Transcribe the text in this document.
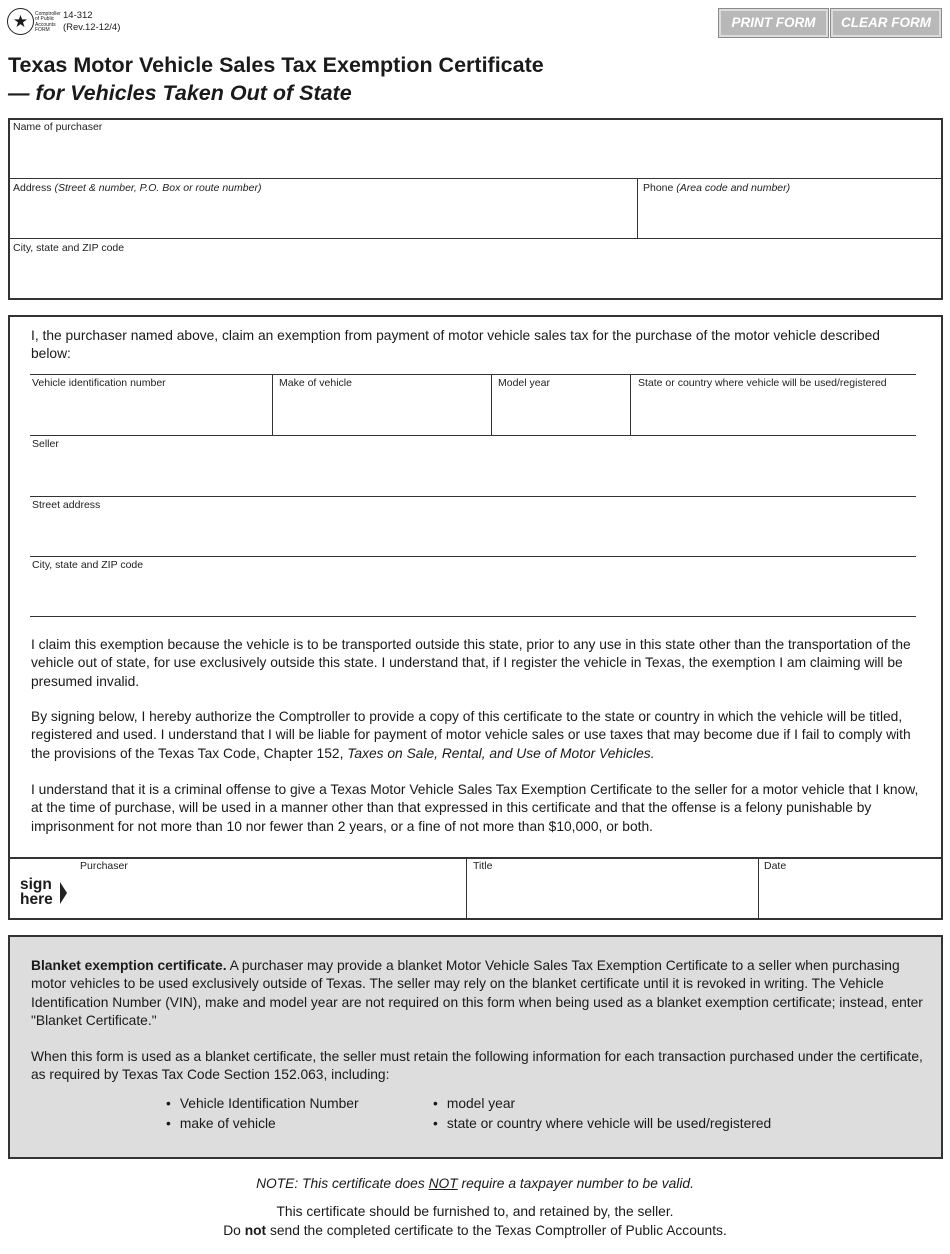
★	Comptroller
of Public
Accounts
FORM
14-312
(Rev.12-12/4)	PRINT FORM	CLEAR FORM
Texas Motor Vehicle Sales Tax Exemption Certificate
— for Vehicles Taken Out of State
Name of purchaser
Address (Street & number, P.O. Box or route number)	Phone (Area code and number)
City, state and ZIP code
I, the purchaser named above, claim an exemption from payment of motor vehicle sales tax for the purchase of the motor vehicle described below:
Vehicle identification number	Make of vehicle	Model year	State or country where vehicle will be used/registered
Seller
Street address
City, state and ZIP code
I claim this exemption because the vehicle is to be transported outside this state, prior to any use in this state other than the transportation of the vehicle out of state, for use exclusively outside this state. I understand that, if I register the vehicle in Texas, the exemption I am claiming will be presumed invalid.
By signing below, I hereby authorize the Comptroller to provide a copy of this certificate to the state or country in which the vehicle will be titled, registered and used. I understand that I will be liable for payment of motor vehicle sales or use taxes that may become due if I fail to comply with the provisions of the Texas Tax Code, Chapter 152, Taxes on Sale, Rental, and Use of Motor Vehicles.
I understand that it is a criminal offense to give a Texas Motor Vehicle Sales Tax Exemption Certificate to the seller for a motor vehicle that I know, at the time of purchase, will be used in a manner other than that expressed in this certificate and that the offense is a felony punishable by imprisonment for not more than 10 nor fewer than 2 years, or a fine of not more than $10,000, or both.
sign
here
Purchaser	Title	Date
Blanket exemption certificate. A purchaser may provide a blanket Motor Vehicle Sales Tax Exemption Certificate to a seller when purchasing motor vehicles to be used exclusively outside of Texas. The seller may rely on the blanket certificate until it is revoked in writing. The Vehicle Identification Number (VIN), make and model year are not required on this form when being used as a blanket exemption certificate; instead, enter "Blanket Certificate."
When this form is used as a blanket certificate, the seller must retain the following information for each transaction purchased under the certificate, as required by Texas Tax Code Section 152.063, including:
• Vehicle Identification Number
• make of vehicle
• model year
• state or country where vehicle will be used/registered
NOTE: This certificate does NOT require a taxpayer number to be valid.
This certificate should be furnished to, and retained by, the seller.
Do not send the completed certificate to the Texas Comptroller of Public Accounts.
